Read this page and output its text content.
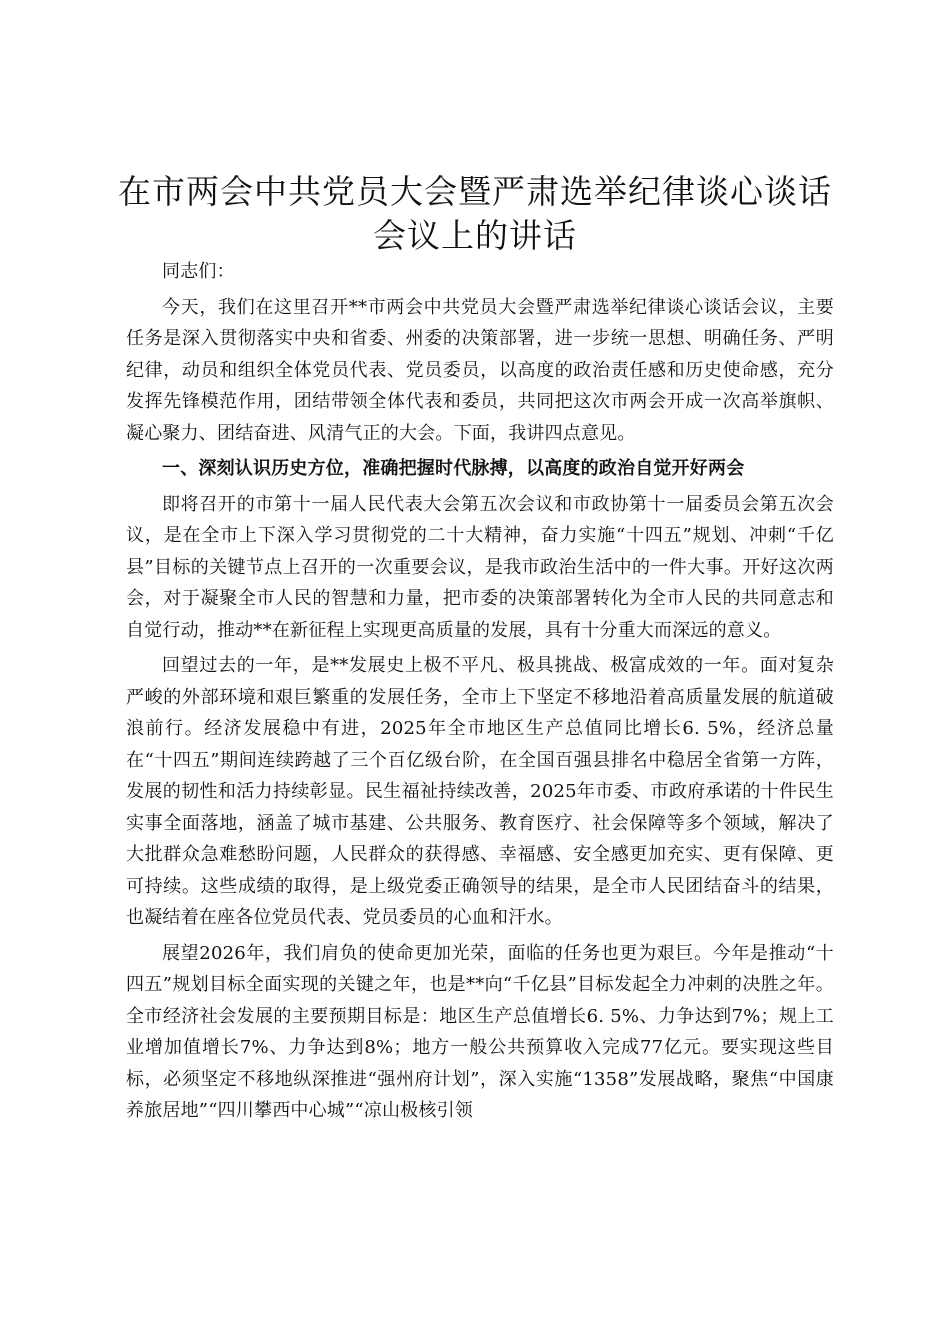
在市两会中共党员大会暨严肃选举纪律谈心谈话会议上的讲话

同志们：

今天，我们在这里召开**市两会中共党员大会暨严肃选举纪律谈心谈话会议，主要任务是深入贯彻落实中央和省委、州委的决策部署，进一步统一思想、明确任务、严明纪律，动员和组织全体党员代表、党员委员，以高度的政治责任感和历史使命感，充分发挥先锋模范作用，团结带领全体代表和委员，共同把这次市两会开成一次高举旗帜、凝心聚力、团结奋进、风清气正的大会。下面，我讲四点意见。

一、深刻认识历史方位，准确把握时代脉搏，以高度的政治自觉开好两会

即将召开的市第十一届人民代表大会第五次会议和市政协第十一届委员会第五次会议，是在全市上下深入学习贯彻党的二十大精神，奋力实施“十四五”规划、冲刺“千亿县”目标的关键节点上召开的一次重要会议，是我市政治生活中的一件大事。开好这次两会，对于凝聚全市人民的智慧和力量，把市委的决策部署转化为全市人民的共同意志和自觉行动，推动**在新征程上实现更高质量的发展，具有十分重大而深远的意义。

回望过去的一年，是**发展史上极不平凡、极具挑战、极富成效的一年。面对复杂严峻的外部环境和艰巨繁重的发展任务，全市上下坚定不移地沿着高质量发展的航道破浪前行。经济发展稳中有进，2025年全市地区生产总值同比增长6. 5%，经济总量在“十四五”期间连续跨越了三个百亿级台阶，在全国百强县排名中稳居全省第一方阵，发展的韧性和活力持续彰显。民生福祉持续改善，2025年市委、市政府承诺的十件民生实事全面落地，涵盖了城市基建、公共服务、教育医疗、社会保障等多个领域，解决了大批群众急难愁盼问题，人民群众的获得感、幸福感、安全感更加充实、更有保障、更可持续。这些成绩的取得，是上级党委正确领导的结果，是全市人民团结奋斗的结果，也凝结着在座各位党员代表、党员委员的心血和汗水。

展望2026年，我们肩负的使命更加光荣，面临的任务也更为艰巨。今年是推动“十四五”规划目标全面实现的关键之年，也是**向“千亿县”目标发起全力冲刺的决胜之年。全市经济社会发展的主要预期目标是：地区生产总值增长6. 5%、力争达到7%；规上工业增加值增长7%、力争达到8%；地方一般公共预算收入完成77亿元。要实现这些目标，必须坚定不移地纵深推进“强州府计划”，深入实施“1358”发展战略，聚焦“中国康养旅居地”“四川攀西中心城”“凉山极核引领
